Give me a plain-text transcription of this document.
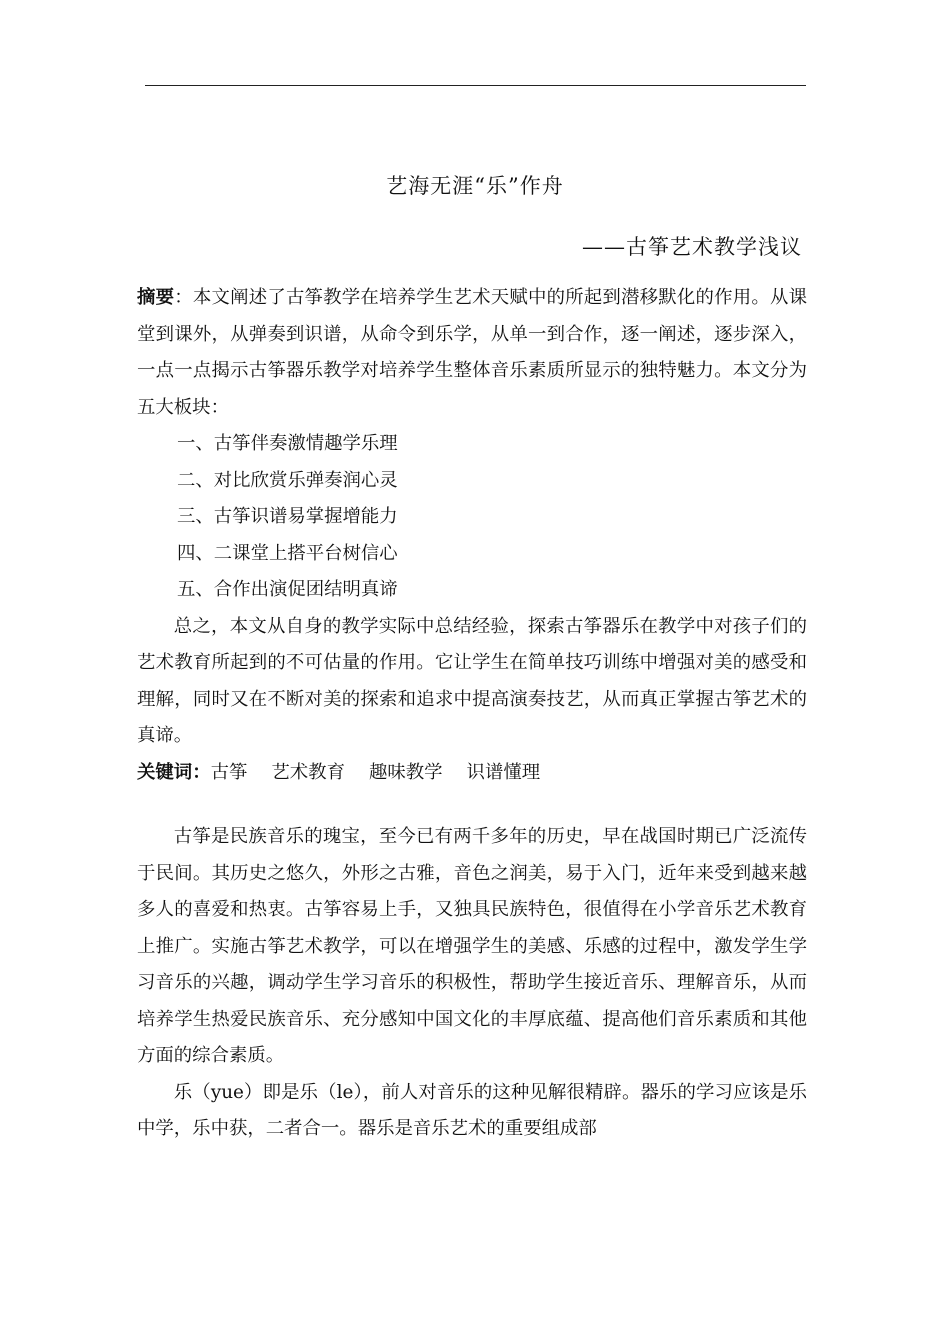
艺海无涯“乐”作舟
——古筝艺术教学浅议

摘要：本文阐述了古筝教学在培养学生艺术天赋中的所起到潜移默化的作用。从课堂到课外，从弹奏到识谱，从命令到乐学，从单一到合作，逐一阐述，逐步深入，一点一点揭示古筝器乐教学对培养学生整体音乐素质所显示的独特魅力。本文分为五大板块：

一、古筝伴奏激情趣学乐理

二、对比欣赏乐弹奏润心灵

三、古筝识谱易掌握增能力

四、二课堂上搭平台树信心

五、合作出演促团结明真谛

总之，本文从自身的教学实际中总结经验，探索古筝器乐在教学中对孩子们的艺术教育所起到的不可估量的作用。它让学生在简单技巧训练中增强对美的感受和理解，同时又在不断对美的探索和追求中提高演奏技艺，从而真正掌握古筝艺术的真谛。

关键词：古筝 艺术教育 趣味教学 识谱懂理

古筝是民族音乐的瑰宝，至今已有两千多年的历史，早在战国时期已广泛流传于民间。其历史之悠久，外形之古雅，音色之润美，易于入门，近年来受到越来越多人的喜爱和热衷。古筝容易上手，又独具民族特色，很值得在小学音乐艺术教育上推广。实施古筝艺术教学，可以在增强学生的美感、乐感的过程中，激发学生学习音乐的兴趣，调动学生学习音乐的积极性，帮助学生接近音乐、理解音乐，从而培养学生热爱民族音乐、充分感知中国文化的丰厚底蕴、提高他们音乐素质和其他方面的综合素质。

乐（yue）即是乐（le），前人对音乐的这种见解很精辟。器乐的学习应该是乐中学，乐中获，二者合一。器乐是音乐艺术的重要组成部
